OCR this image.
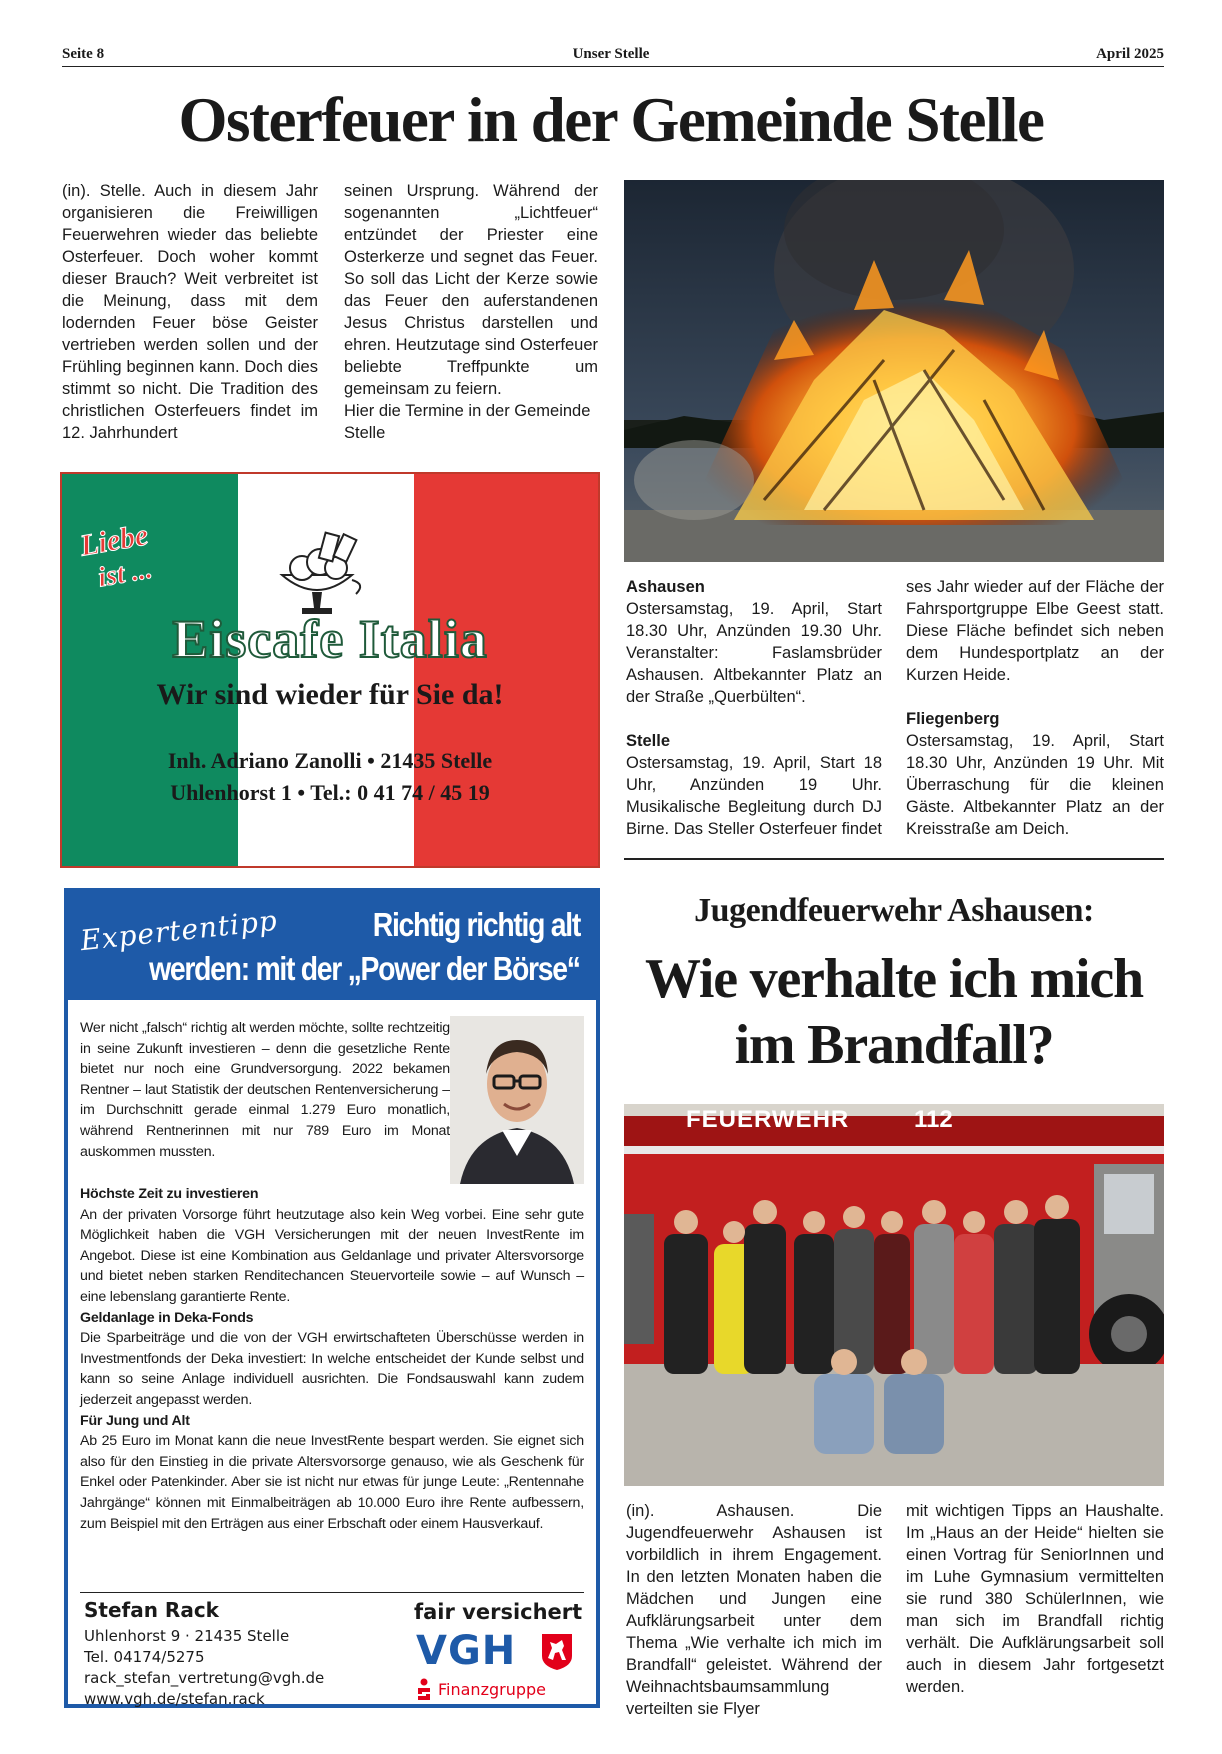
Seite 8	Unser Stelle	April 2025
Osterfeuer in der Gemeinde Stelle

(in). Stelle. Auch in diesem Jahr organisieren die Freiwilligen Feuerwehren wieder das beliebte Osterfeuer. Doch woher kommt dieser Brauch? Weit verbreitet ist die Meinung, dass mit dem lodernden Feuer böse Geister vertrieben werden sollen und der Frühling beginnen kann. Doch dies stimmt so nicht. Die Tradition des christlichen Osterfeuers findet im 12. Jahrhundert

seinen Ursprung. Während der sogenannten „Lichtfeuer“ entzündet der Priester eine Osterkerze und segnet das Feuer. So soll das Licht der Kerze sowie das Feuer den auferstandenen Jesus Christus darstellen und ehren. Heutzutage sind Osterfeuer beliebte Treffpunkte um gemeinsam zu feiern.

Hier die Termine in der Gemeinde Stelle

Liebe
ist ...
Eiscafe Italia
Wir sind wieder für Sie da!
Inh. Adriano Zanolli • 21435 Stelle
Uhlenhorst 1 • Tel.: 0 41 74 / 45 19

Ashausen

Ostersamstag, 19. April, Start 18.30 Uhr, Anzünden 19.30 Uhr. Veranstalter: Faslamsbrüder Ashausen. Altbekannter Platz an der Straße „Querbülten“.

Stelle

Ostersamstag, 19. April, Start 18 Uhr, Anzünden 19 Uhr. Musikalische Begleitung durch DJ Birne. Das Steller Osterfeuer findet

ses Jahr wieder auf der Fläche der Fahrsportgruppe Elbe Geest statt. Diese Fläche befindet sich neben dem Hundesportplatz an der Kurzen Heide.

Fliegenberg

Ostersamstag, 19. April, Start 18.30 Uhr, Anzünden 19 Uhr. Mit Überraschung für die kleinen Gäste. Altbekannter Platz an der Kreisstraße am Deich.

Expertentipp	Richtig richtig alt
werden: mit der „Power der Börse“
Wer nicht „falsch“ richtig alt werden möchte, sollte rechtzeitig in seine Zukunft investieren – denn die gesetzliche Rente bietet nur noch eine Grundversorgung. 2022 bekamen Rentner – laut Statistik der deutschen Rentenversicherung – im Durchschnitt gerade einmal 1.279 Euro monatlich, während Rentnerinnen mit nur 789 Euro im Monat auskommen mussten.
Höchste Zeit zu investieren
An der privaten Vorsorge führt heutzutage also kein Weg vorbei. Eine sehr gute Möglichkeit haben die VGH Versicherungen mit der neuen InvestRente im Angebot. Diese ist eine Kombination aus Geldanlage und privater Altersvorsorge und bietet neben starken Renditechancen Steuervorteile sowie – auf Wunsch – eine lebenslang garantierte Rente.
Geldanlage in Deka-Fonds
Die Sparbeiträge und die von der VGH erwirtschafteten Überschüsse werden in Investmentfonds der Deka investiert: In welche entscheidet der Kunde selbst und kann so seine Anlage individuell ausrichten. Die Fondsauswahl kann zudem jederzeit angepasst werden.
Für Jung und Alt
Ab 25 Euro im Monat kann die neue InvestRente bespart werden. Sie eignet sich also für den Einstieg in die private Altersvorsorge genauso, wie als Geschenk für Enkel oder Patenkinder. Aber sie ist nicht nur etwas für junge Leute: „Rentennahe Jahrgänge“ können mit Einmalbeiträgen ab 10.000 Euro ihre Rente aufbessern, zum Beispiel mit den Erträgen aus einer Erbschaft oder einem Hausverkauf.
Stefan Rack
Uhlenhorst 9 · 21435 Stelle
Tel. 04174/5275
rack_stefan_vertretung@vgh.de
www.vgh.de/stefan.rack
fair versichert
VGH
Finanzgruppe
Jugendfeuerwehr Ashausen:
Wie verhalte ich mich
im Brandfall?
FEUERWEHR	112
(in). Ashausen. Die Jugendfeuerwehr Ashausen ist vorbildlich in ihrem Engagement. In den letzten Monaten haben die Mädchen und Jungen eine Aufklärungsarbeit unter dem Thema „Wie verhalte ich mich im Brandfall“ geleistet. Während der Weihnachtsbaumsammlung verteilten sie Flyer
mit wichtigen Tipps an Haushalte. Im „Haus an der Heide“ hielten sie einen Vortrag für SeniorInnen und im Luhe Gymnasium vermittelten sie rund 380 SchülerInnen, wie man sich im Brandfall richtig verhält. Die Aufklärungsarbeit soll auch in diesem Jahr fortgesetzt werden.
